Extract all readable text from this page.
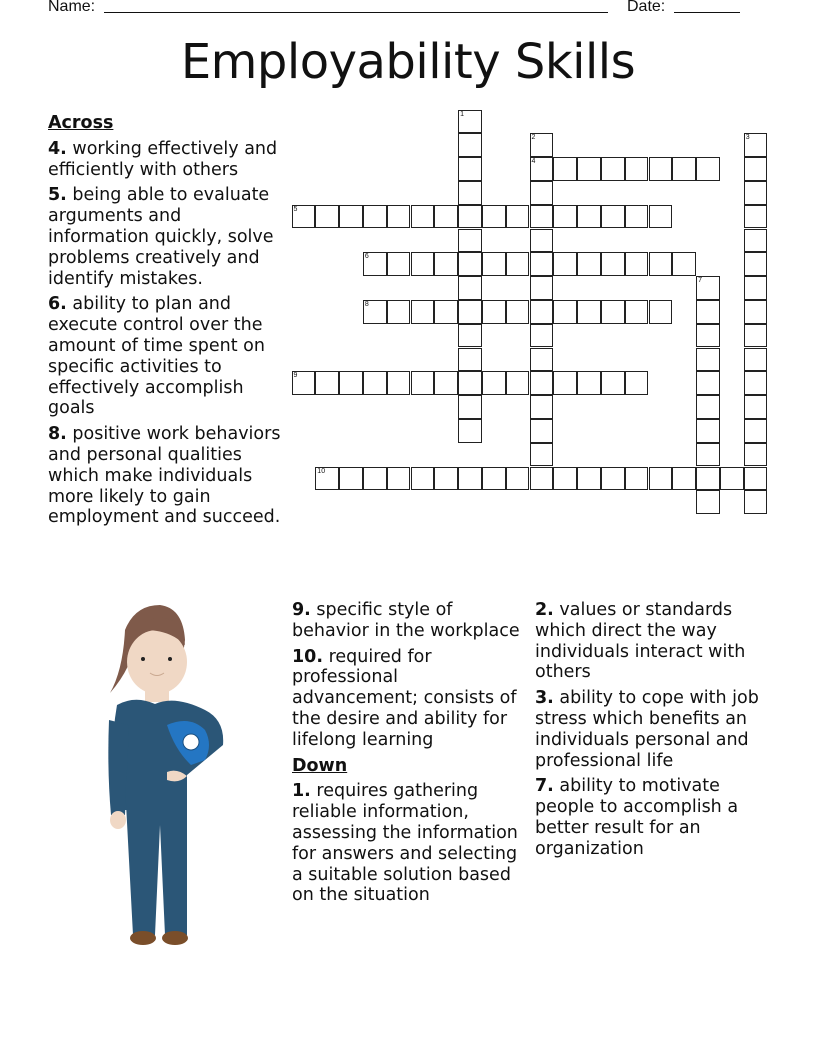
Name:	Date:
Employability Skills
Across
4. working effectively and efficiently with others
5. being able to evaluate arguments and information quickly, solve problems creatively and identify mistakes.
6. ability to plan and execute control over the amount of time spent on specific activities to effectively accomplish goals
8. positive work behaviors and personal qualities which make individuals more likely to gain employment and succeed.
9. specific style of behavior in the workplace
10. required for professional advancement; consists of the desire and ability for lifelong learning
Down
1. requires gathering reliable information, assessing the information for answers and selecting a suitable solution based on the situation
2. values or standards which direct the way individuals interact with others
3. ability to cope with job stress which benefits an individuals personal and professional life
7. ability to motivate people to accomplish a better result for an organization
1
2
4
3
5
6
7
8
9
10
